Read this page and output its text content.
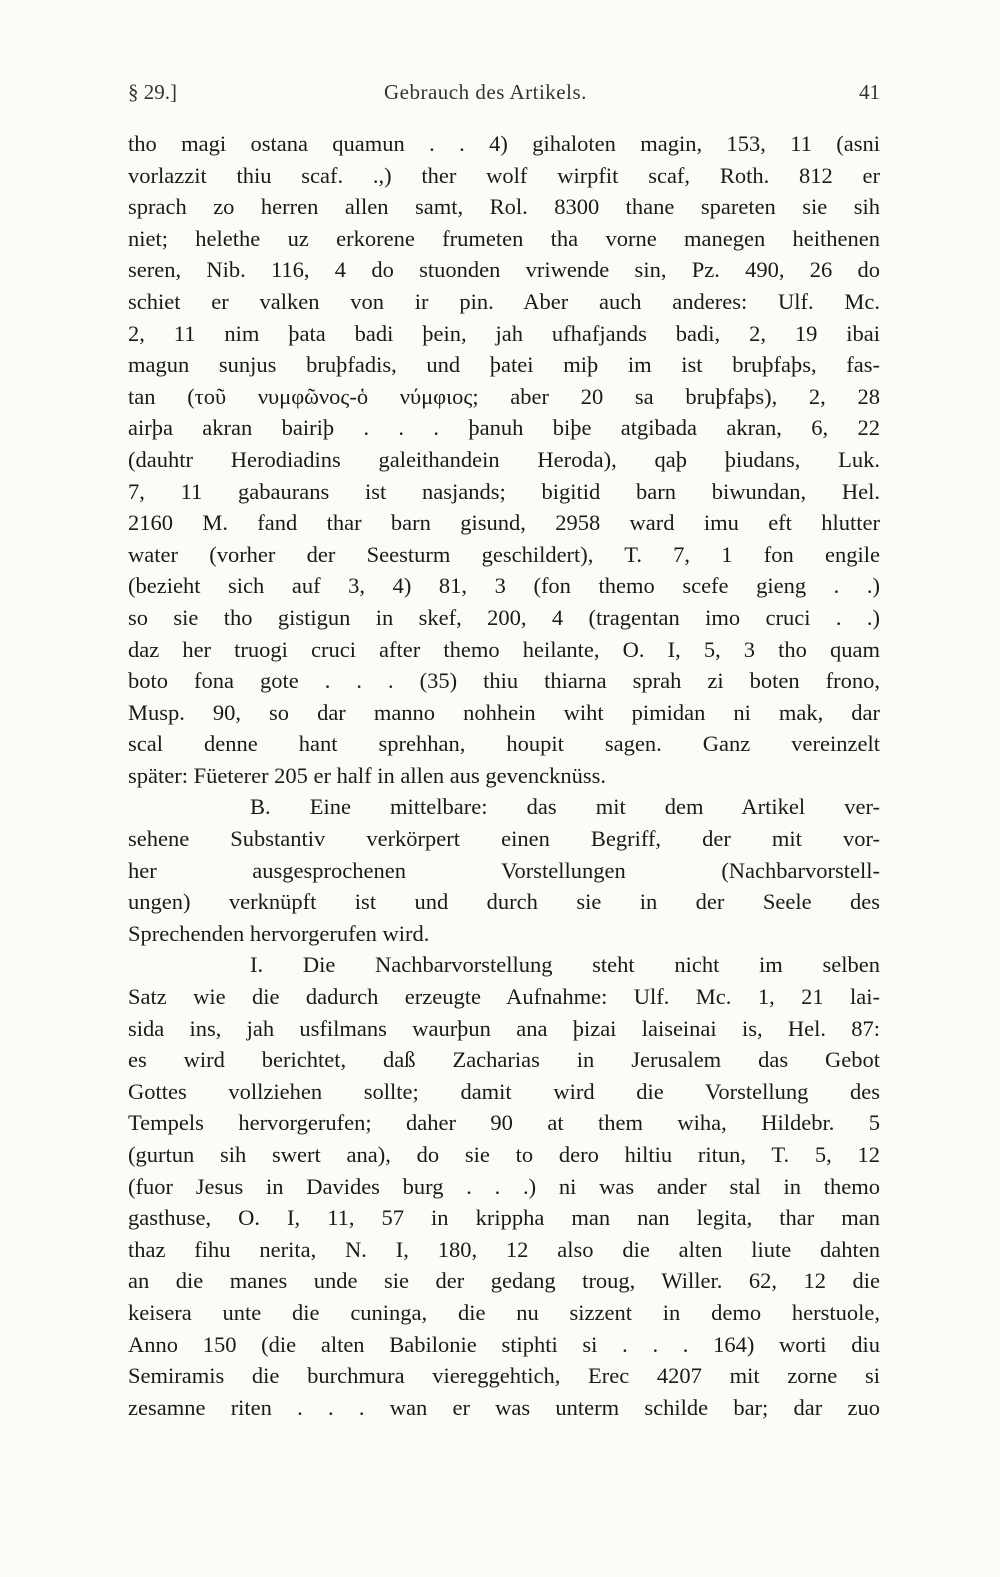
§ 29.]	Gebrauch des Artikels.	41
tho magi ostana quamun . . 4) gihaloten magin, 153, 11 (asni
vorlazzit thiu scaf. .,) ther wolf wirpfit scaf, Roth. 812 er
sprach zo herren allen samt, Rol. 8300 thane spareten sie sih
niet; helethe uz erkorene frumeten tha vorne manegen heithenen
seren, Nib. 116, 4 do stuonden vriwende sin, Pz. 490, 26 do
schiet er valken von ir pin. Aber auch anderes: Ulf. Mc.
2, 11 nim þata badi þein, jah ufhafjands badi, 2, 19 ibai
magun sunjus bruþfadis, und þatei miþ im ist bruþfaþs, fas-
tan (τοῦ νυμφῶνος-ὁ νύμφιος; aber 20 sa bruþfaþs), 2, 28
airþa akran bairiþ . . . þanuh biþe atgibada akran, 6, 22
(dauhtr Herodiadins galeithandein Heroda), qaþ þiudans, Luk.
7, 11 gabaurans ist nasjands; bigitid barn biwundan, Hel.
2160 M. fand thar barn gisund, 2958 ward imu eft hlutter
water (vorher der Seesturm geschildert), T. 7, 1 fon engile
(bezieht sich auf 3, 4) 81, 3 (fon themo scefe gieng . .)
so sie tho gistigun in skef, 200, 4 (tragentan imo cruci . .)
daz her truogi cruci after themo heilante, O. I, 5, 3 tho quam
boto fona gote . . . (35) thiu thiarna sprah zi boten frono,
Musp. 90, so dar manno nohhein wiht pimidan ni mak, dar
scal denne hant sprehhan, houpit sagen. Ganz vereinzelt
später: Füeterer 205 er half in allen aus gevencknüss.
B. Eine mittelbare: das mit dem Artikel ver-
sehene Substantiv verkörpert einen Begriff, der mit vor-
her ausgesprochenen Vorstellungen (Nachbarvorstell-
ungen) verknüpft ist und durch sie in der Seele des
Sprechenden hervorgerufen wird.
I. Die Nachbarvorstellung steht nicht im selben
Satz wie die dadurch erzeugte Aufnahme: Ulf. Mc. 1, 21 lai-
sida ins, jah usfilmans waurþun ana þizai laiseinai is, Hel. 87:
es wird berichtet, daß Zacharias in Jerusalem das Gebot
Gottes vollziehen sollte; damit wird die Vorstellung des
Tempels hervorgerufen; daher 90 at them wiha, Hildebr. 5
(gurtun sih swert ana), do sie to dero hiltiu ritun, T. 5, 12
(fuor Jesus in Davides burg . . .) ni was ander stal in themo
gasthuse, O. I, 11, 57 in krippha man nan legita, thar man
thaz fihu nerita, N. I, 180, 12 also die alten liute dahten
an die manes unde sie der gedang troug, Willer. 62, 12 die
keisera unte die cuninga, die nu sizzent in demo herstuole,
Anno 150 (die alten Babilonie stiphti si . . . 164) worti diu
Semiramis die burchmura viereggehtich, Erec 4207 mit zorne si
zesamne riten . . . wan er was unterm schilde bar; dar zuo
